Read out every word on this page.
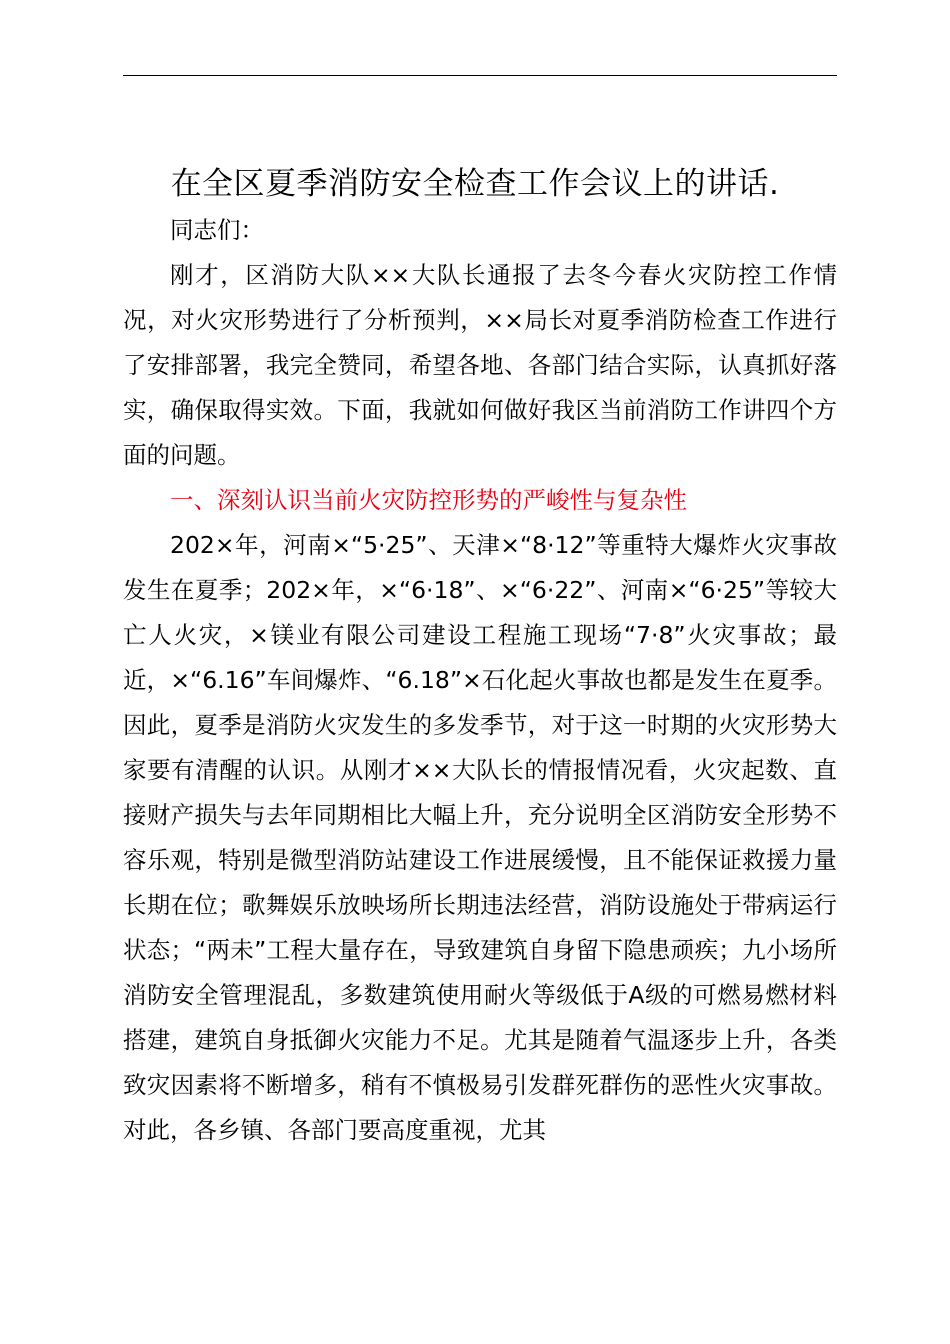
在全区夏季消防安全检查工作会议上的讲话.

同志们：

刚才，区消防大队××大队长通报了去冬今春火灾防控工作情况，对火灾形势进行了分析预判，××局长对夏季消防检查工作进行了安排部署，我完全赞同，希望各地、各部门结合实际，认真抓好落实，确保取得实效。下面，我就如何做好我区当前消防工作讲四个方面的问题。

一、深刻认识当前火灾防控形势的严峻性与复杂性

202×年，河南×“5·25”、天津×“8·12”等重特大爆炸火灾事故发生在夏季；202×年，×“6·18”、×“6·22”、河南×“6·25”等较大亡人火灾，×镁业有限公司建设工程施工现场“7·8”火灾事故；最近，×“6.16”车间爆炸、“6.18”×石化起火事故也都是发生在夏季。因此，夏季是消防火灾发生的多发季节，对于这一时期的火灾形势大家要有清醒的认识。从刚才××大队长的情报情况看，火灾起数、直接财产损失与去年同期相比大幅上升，充分说明全区消防安全形势不容乐观，特别是微型消防站建设工作进展缓慢，且不能保证救援力量长期在位；歌舞娱乐放映场所长期违法经营，消防设施处于带病运行状态；“两未”工程大量存在，导致建筑自身留下隐患顽疾；九小场所消防安全管理混乱，多数建筑使用耐火等级低于A级的可燃易燃材料搭建，建筑自身抵御火灾能力不足。尤其是随着气温逐步上升，各类致灾因素将不断增多，稍有不慎极易引发群死群伤的恶性火灾事故。对此，各乡镇、各部门要高度重视，尤其
